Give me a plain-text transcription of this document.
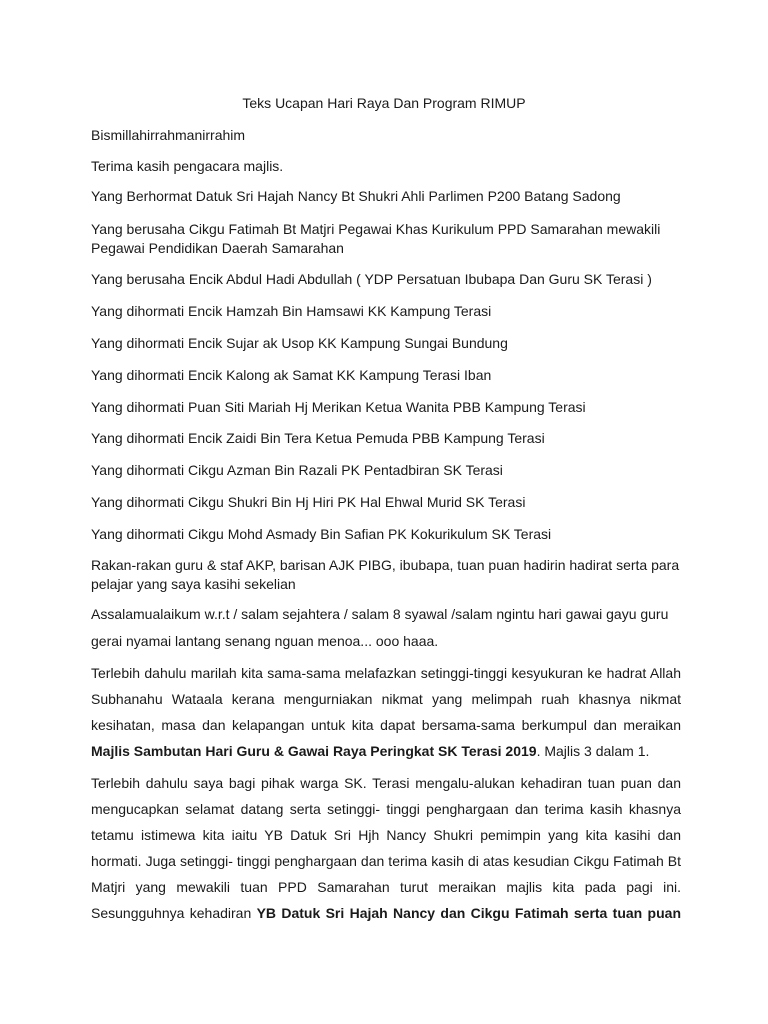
Teks Ucapan Hari Raya Dan Program RIMUP
Bismillahirrahmanirrahim
Terima kasih pengacara majlis.
Yang Berhormat Datuk Sri Hajah Nancy Bt Shukri Ahli Parlimen P200 Batang Sadong
Yang berusaha Cikgu Fatimah Bt Matjri Pegawai Khas Kurikulum PPD Samarahan mewakili
Pegawai Pendidikan Daerah Samarahan
Yang berusaha Encik Abdul Hadi Abdullah ( YDP Persatuan Ibubapa Dan Guru SK Terasi )
Yang dihormati Encik Hamzah Bin Hamsawi KK Kampung Terasi
Yang dihormati Encik Sujar ak Usop KK Kampung Sungai Bundung
Yang dihormati Encik Kalong ak Samat KK Kampung Terasi Iban
Yang dihormati Puan Siti Mariah Hj Merikan Ketua Wanita PBB Kampung Terasi
Yang dihormati Encik Zaidi Bin Tera Ketua Pemuda PBB Kampung Terasi
Yang dihormati Cikgu Azman Bin Razali PK Pentadbiran SK Terasi
Yang dihormati Cikgu Shukri Bin Hj Hiri PK Hal Ehwal Murid SK Terasi
Yang dihormati Cikgu Mohd Asmady Bin Safian PK Kokurikulum SK Terasi
Rakan-rakan guru & staf AKP, barisan AJK PIBG, ibubapa, tuan puan hadirin hadirat serta para
pelajar yang saya kasihi sekelian
Assalamualaikum w.r.t / salam sejahtera / salam 8 syawal /salam ngintu hari gawai gayu guru
gerai nyamai lantang senang nguan menoa... ooo haaa.
Terlebih dahulu marilah kita sama-sama melafazkan setinggi-tinggi kesyukuran ke hadrat Allah
Subhanahu Wataala kerana mengurniakan nikmat yang melimpah ruah khasnya nikmat
kesihatan, masa dan kelapangan untuk kita dapat bersama-sama berkumpul dan meraikan
Majlis Sambutan Hari Guru & Gawai Raya Peringkat SK Terasi 2019. Majlis 3 dalam 1.
Terlebih dahulu saya bagi pihak warga SK. Terasi mengalu-alukan kehadiran tuan puan dan
mengucapkan selamat datang serta setinggi- tinggi penghargaan dan terima kasih khasnya
tetamu istimewa kita iaitu YB Datuk Sri Hjh Nancy Shukri pemimpin yang kita kasihi dan
hormati. Juga setinggi- tinggi penghargaan dan terima kasih di atas kesudian Cikgu Fatimah Bt
Matjri yang mewakili tuan PPD Samarahan turut meraikan majlis kita pada pagi ini.
Sesungguhnya kehadiran YB Datuk Sri Hajah Nancy dan Cikgu Fatimah serta tuan puan
